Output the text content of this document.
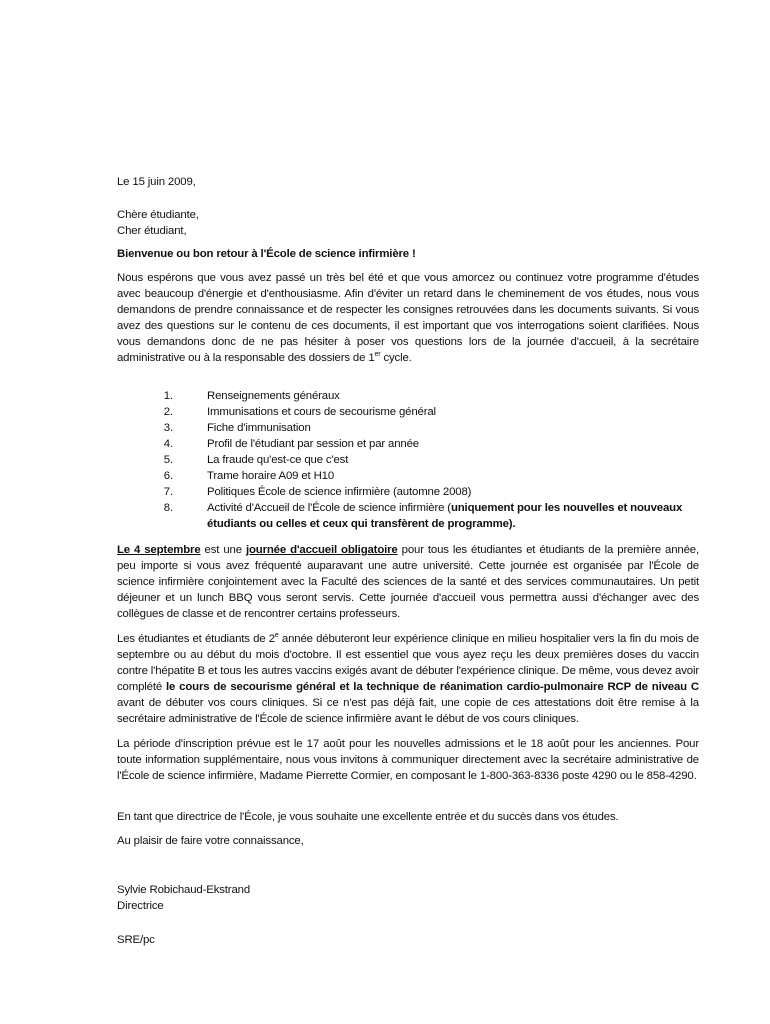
Le 15 juin 2009,
Chère étudiante,
Cher étudiant,
Bienvenue ou bon retour à l'École de science infirmière !
Nous espérons que vous avez passé un très bel été et que vous amorcez ou continuez votre programme d'études avec beaucoup d'énergie et d'enthousiasme. Afin d'éviter un retard dans le cheminement de vos études, nous vous demandons de prendre connaissance et de respecter les consignes retrouvées dans les documents suivants. Si vous avez des questions sur le contenu de ces documents, il est important que vos interrogations soient clarifiées. Nous vous demandons donc de ne pas hésiter à poser vos questions lors de la journée d'accueil, à la secrétaire administrative ou à la responsable des dossiers de 1er cycle.
1.	Renseignements généraux
2.	Immunisations et cours de secourisme général
3.	Fiche d'immunisation
4.	Profil de l'étudiant par session et par année
5.	La fraude qu'est-ce que c'est
6.	Trame horaire A09 et H10
7.	Politiques École de science infirmière (automne 2008)
8.	Activité d'Accueil de l'École de science infirmière (uniquement pour les nouvelles et nouveaux étudiants ou celles et ceux qui transfèrent de programme).
Le 4 septembre est une journée d'accueil obligatoire pour tous les étudiantes et étudiants de la première année, peu importe si vous avez fréquenté auparavant une autre université. Cette journée est organisée par l'École de science infirmière conjointement avec la Faculté des sciences de la santé et des services communautaires. Un petit déjeuner et un lunch BBQ vous seront servis. Cette journée d'accueil vous permettra aussi d'échanger avec des collègues de classe et de rencontrer certains professeurs.
Les étudiantes et étudiants de 2e année débuteront leur expérience clinique en milieu hospitalier vers la fin du mois de septembre ou au début du mois d'octobre. Il est essentiel que vous ayez reçu les deux premières doses du vaccin contre l'hépatite B et tous les autres vaccins exigés avant de débuter l'expérience clinique. De même, vous devez avoir complété le cours de secourisme général et la technique de réanimation cardio-pulmonaire RCP de niveau C avant de débuter vos cours cliniques. Si ce n'est pas déjà fait, une copie de ces attestations doit être remise à la secrétaire administrative de l'École de science infirmière avant le début de vos cours cliniques.
La période d'inscription prévue est le 17 août pour les nouvelles admissions et le 18 août pour les anciennes. Pour toute information supplémentaire, nous vous invitons à communiquer directement avec la secrétaire administrative de l'École de science infirmière, Madame Pierrette Cormier, en composant le 1-800-363-8336 poste 4290 ou le 858-4290.
En tant que directrice de l'École, je vous souhaite une excellente entrée et du succès dans vos études.
Au plaisir de faire votre connaissance,
Sylvie Robichaud-Ekstrand
Directrice
SRE/pc
